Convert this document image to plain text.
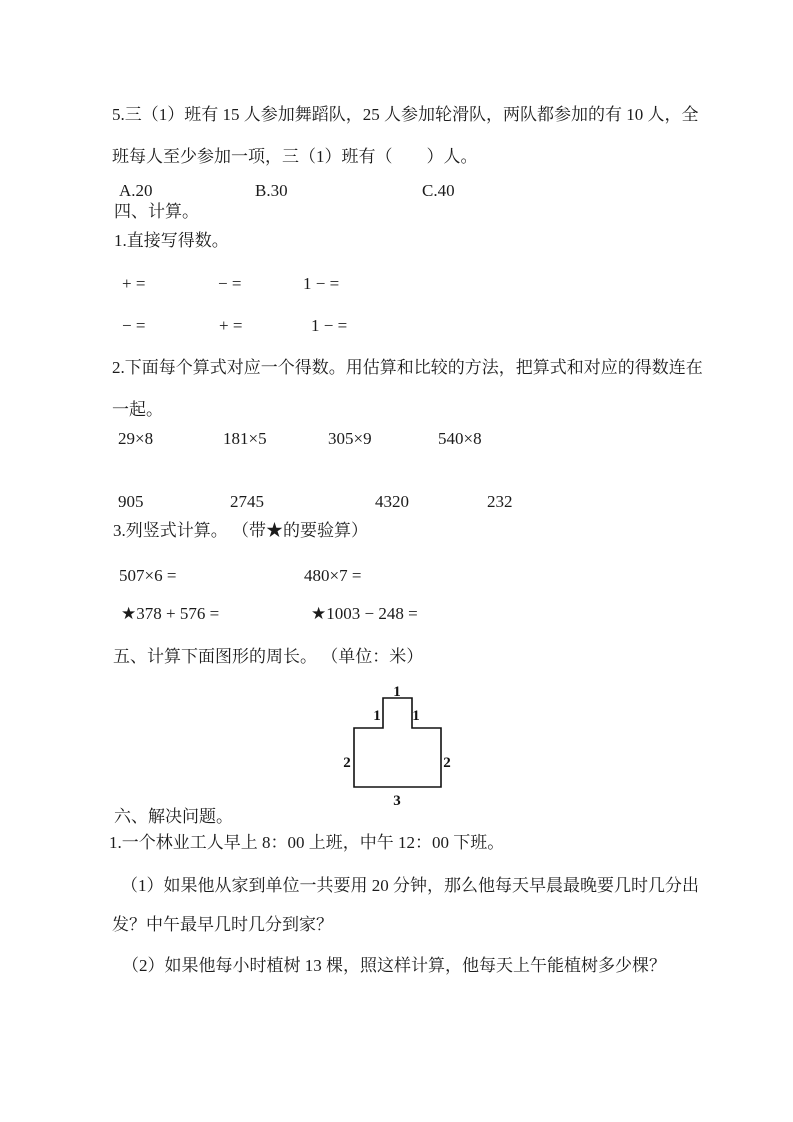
5.三（1）班有 15 人参加舞蹈队，25 人参加轮滑队，两队都参加的有 10 人，全
班每人至少参加一项，三（1）班有（　　）人。
A.20	B.30	C.40
四、计算。
1.直接写得数。
+ =	− =	1 − =
− =	+ =	1 − =
2.下面每个算式对应一个得数。用估算和比较的方法，把算式和对应的得数连在
一起。
29×8	181×5	305×9	540×8
905	2745	4320	232
3.列竖式计算。 （带★的要验算）
507×6 =	480×7 =
★378 + 576 =	★1003 − 248 =
五、计算下面图形的周长。 （单位：米）
1
1 1
2	2
3
六、解决问题。
1.一个林业工人早上 8：00 上班，中午 12：00 下班。
（1）如果他从家到单位一共要用 20 分钟，那么他每天早晨最晚要几时几分出
发？中午最早几时几分到家？
（2）如果他每小时植树 13 棵，照这样计算，他每天上午能植树多少棵？
